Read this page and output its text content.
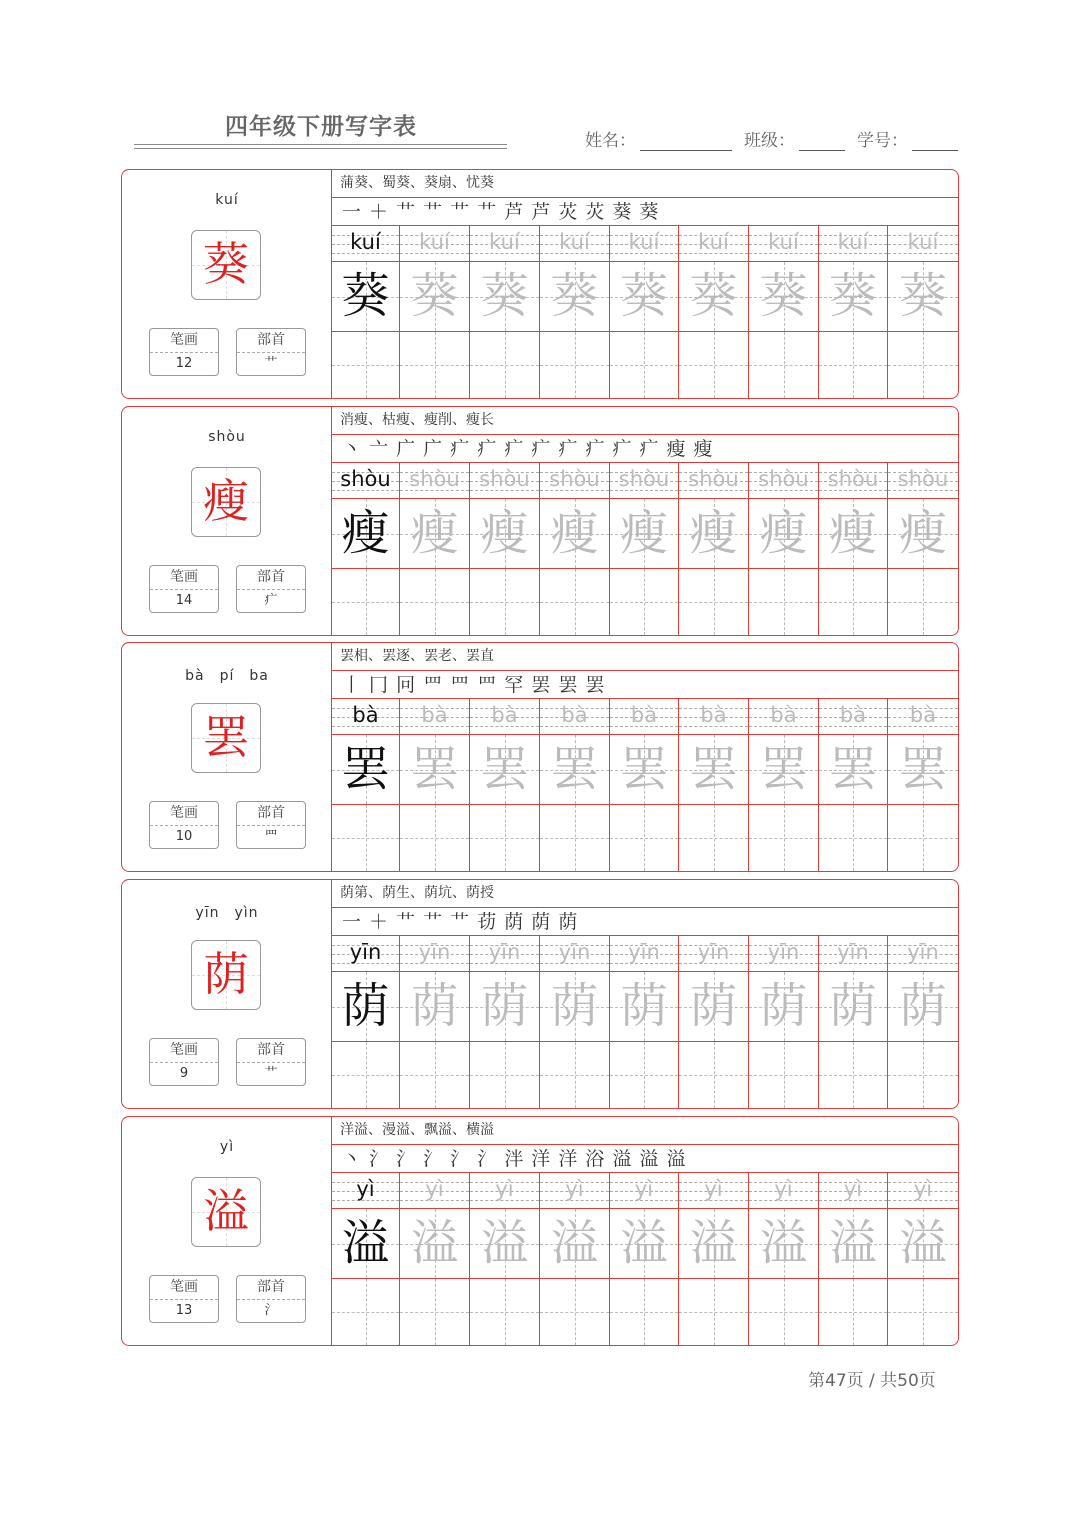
四年级下册写字表
姓名：	班级：	学号：
kuí
葵
笔画
12
部首
艹
蒲葵、蜀葵、葵扇、忧葵
一 ＋ 艹 艹 艹 艹 芦 芦 苂 苂 葵 葵
kuí
葵
kuí
葵
kuí
葵
kuí
葵
kuí
葵
kuí
葵
kuí
葵
kuí
葵
kuí
葵
shòu
瘦
笔画
14
部首
疒
消瘦、枯瘦、瘦削、瘦长
丶 亠 广 广 疒 疒 疒 疒 疒 疒 疒 疒 瘦 瘦
shòu
瘦
shòu
瘦
shòu
瘦
shòu
瘦
shòu
瘦
shòu
瘦
shòu
瘦
shòu
瘦
shòu
瘦
bà　pí　ba
罢
笔画
10
部首
罒
罢相、罢逐、罢老、罢直
丨 冂 冋 罒 罒 罒 罕 罢 罢 罢
bà
罢
bà
罢
bà
罢
bà
罢
bà
罢
bà
罢
bà
罢
bà
罢
bà
罢
yīn　yìn
荫
笔画
9
部首
艹
荫第、荫生、荫坑、荫授
一 ＋ 艹 艹 艹 苆 荫 荫 荫
yīn
荫
yīn
荫
yīn
荫
yīn
荫
yīn
荫
yīn
荫
yīn
荫
yīn
荫
yīn
荫
yì
溢
笔画
13
部首
氵
洋溢、漫溢、飘溢、横溢
丶 氵 氵 氵 氵 氵 泮 洋 洋 浴 溢 溢 溢
yì
溢
yì
溢
yì
溢
yì
溢
yì
溢
yì
溢
yì
溢
yì
溢
yì
溢
第47页 / 共50页
